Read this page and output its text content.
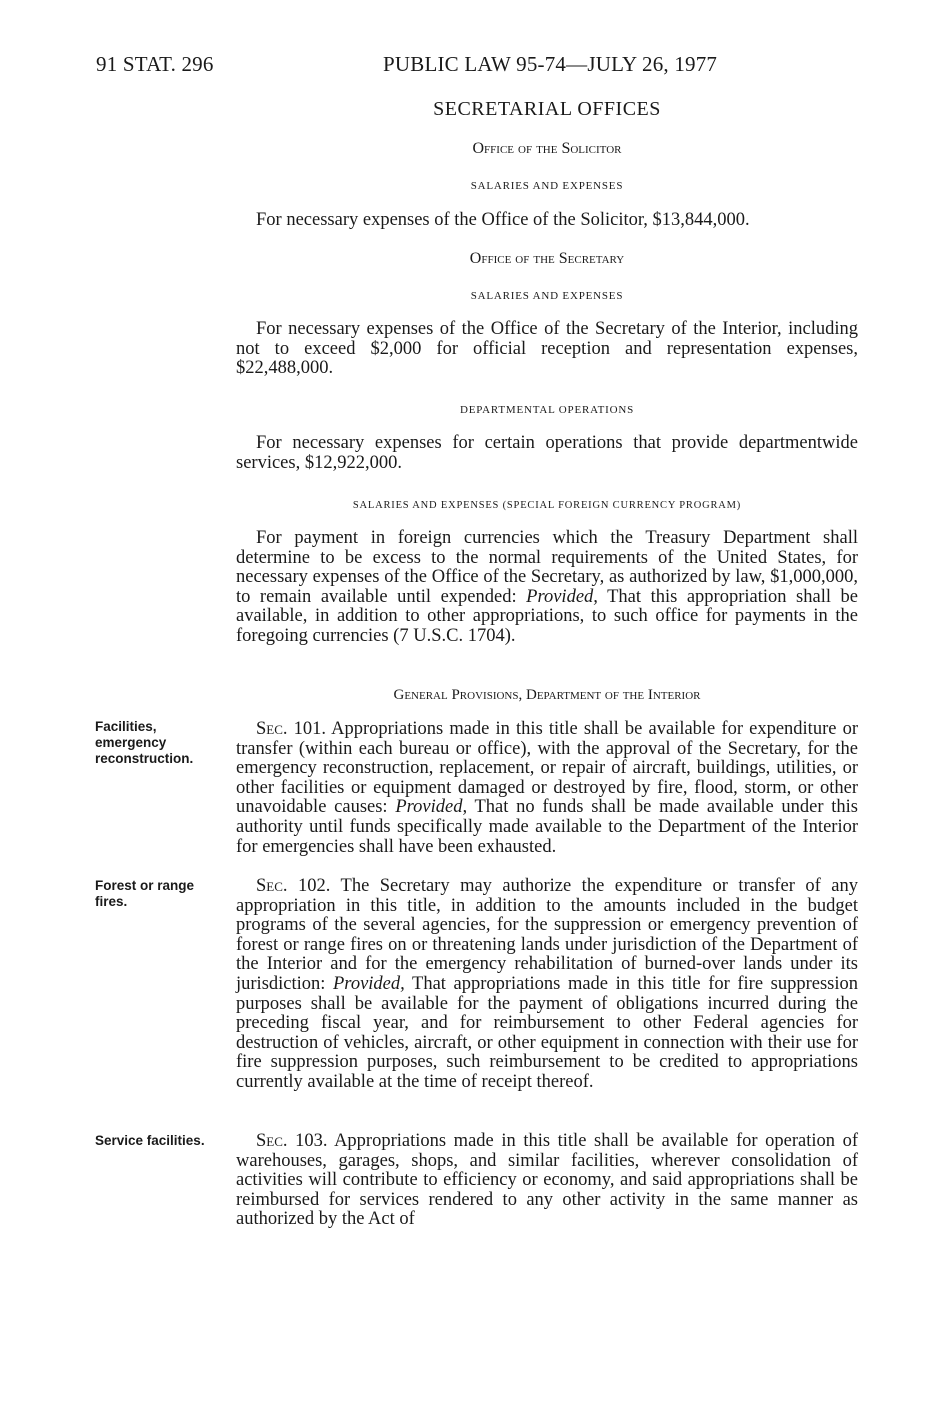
91 STAT. 296	PUBLIC LAW 95-74—JULY 26, 1977
SECRETARIAL OFFICES
Office of the Solicitor
SALARIES AND EXPENSES
For necessary expenses of the Office of the Solicitor, $13,844,000.
Office of the Secretary
SALARIES AND EXPENSES
For necessary expenses of the Office of the Secretary of the Interior, including not to exceed $2,000 for official reception and representation expenses, $22,488,000.
DEPARTMENTAL OPERATIONS
For necessary expenses for certain operations that provide departmentwide services, $12,922,000.
SALARIES AND EXPENSES (SPECIAL FOREIGN CURRENCY PROGRAM)
For payment in foreign currencies which the Treasury Department shall determine to be excess to the normal requirements of the United States, for necessary expenses of the Office of the Secretary, as authorized by law, $1,000,000, to remain available until expended: Provided, That this appropriation shall be available, in addition to other appropriations, to such office for payments in the foregoing currencies (7 U.S.C. 1704).
General Provisions, Department of the Interior
Facilities, emergency reconstruction.
Sec. 101. Appropriations made in this title shall be available for expenditure or transfer (within each bureau or office), with the approval of the Secretary, for the emergency reconstruction, replacement, or repair of aircraft, buildings, utilities, or other facilities or equipment damaged or destroyed by fire, flood, storm, or other unavoidable causes: Provided, That no funds shall be made available under this authority until funds specifically made available to the Department of the Interior for emergencies shall have been exhausted.
Forest or range fires.
Sec. 102. The Secretary may authorize the expenditure or transfer of any appropriation in this title, in addition to the amounts included in the budget programs of the several agencies, for the suppression or emergency prevention of forest or range fires on or threatening lands under jurisdiction of the Department of the Interior and for the emergency rehabilitation of burned-over lands under its jurisdiction: Provided, That appropriations made in this title for fire suppression purposes shall be available for the payment of obligations incurred during the preceding fiscal year, and for reimbursement to other Federal agencies for destruction of vehicles, aircraft, or other equipment in connection with their use for fire suppression purposes, such reimbursement to be credited to appropriations currently available at the time of receipt thereof.
Service facilities.	Sec. 103. Appropriations made in this title shall be available for operation of warehouses, garages, shops, and similar facilities, wherever consolidation of activities will contribute to efficiency or economy, and said appropriations shall be reimbursed for services rendered to any other activity in the same manner as authorized by the Act of
